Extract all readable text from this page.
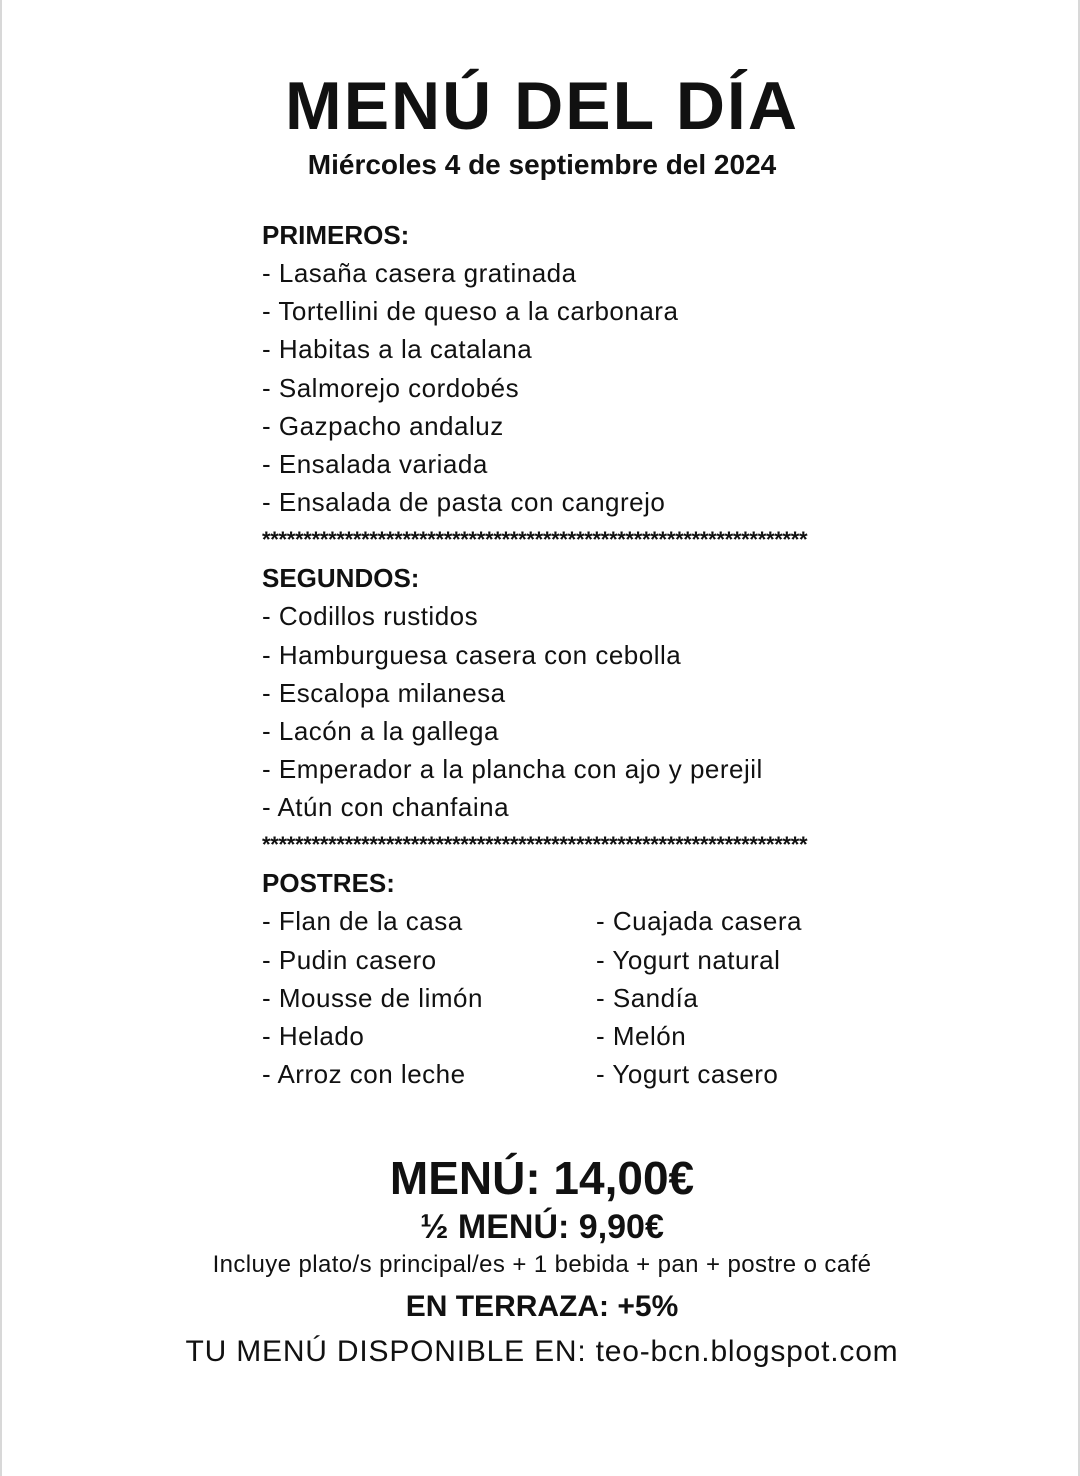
MENÚ DEL DÍA
Miércoles 4 de septiembre del 2024
PRIMEROS:
- Lasaña casera gratinada
- Tortellini de queso a la carbonara
- Habitas a la catalana
- Salmorejo cordobés
- Gazpacho andaluz
- Ensalada variada
- Ensalada de pasta con cangrejo
******************************************************************
SEGUNDOS:
- Codillos rustidos
- Hamburguesa casera con cebolla
- Escalopa milanesa
- Lacón a la gallega
- Emperador a la plancha con ajo y perejil
- Atún con chanfaina
******************************************************************
POSTRES:
- Flan de la casa
- Pudin casero
- Mousse de limón
- Helado
- Arroz con leche
- Cuajada casera
- Yogurt natural
- Sandía
- Melón
- Yogurt casero
MENÚ: 14,00€
½ MENÚ: 9,90€
Incluye plato/s principal/es + 1 bebida + pan + postre o café
EN TERRAZA: +5%
TU MENÚ DISPONIBLE EN: teo-bcn.blogspot.com
